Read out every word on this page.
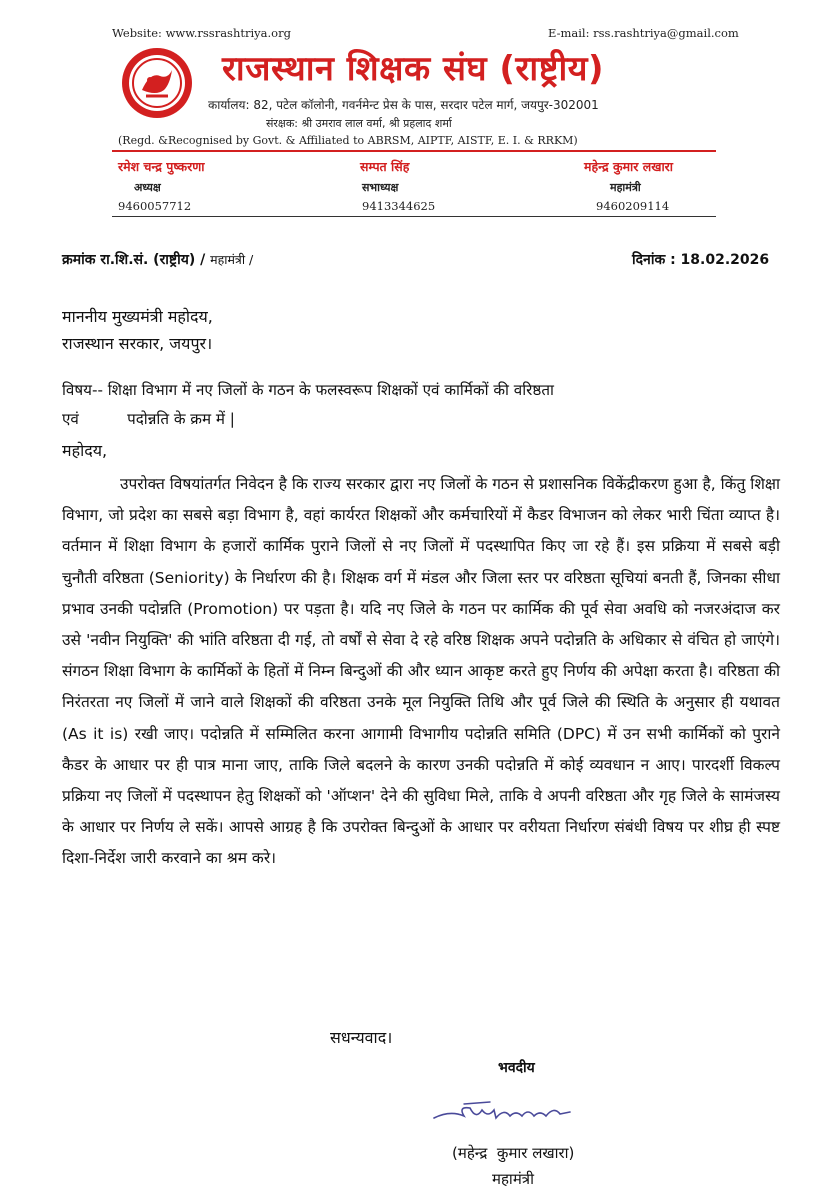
Website: www.rssrashtriya.org	E-mail: rss.rashtriya@gmail.com
राजस्थान शिक्षक संघ (राष्ट्रीय)
कार्यालय: 82, पटेल कॉलोनी, गवर्नमेन्ट प्रेस के पास, सरदार पटेल मार्ग, जयपुर-302001
संरक्षक: श्री उमराव लाल वर्मा, श्री प्रहलाद शर्मा
(Regd. &Recognised by Govt. & Affiliated to ABRSM, AIPTF, AISTF, E. I. & RRKM)
रमेश चन्द्र पुष्करणा
अध्यक्ष
9460057712
सम्पत सिंह
सभाध्यक्ष
9413344625
महेन्द्र कुमार लखारा
महामंत्री
9460209114
क्रमांक रा.शि.सं. (राष्ट्रीय) / महामंत्री /	दिनांक : 18.02.2026
माननीय मुख्यमंत्री महोदय,
राजस्थान सरकार, जयपुर।
विषय-- शिक्षा विभाग में नए जिलों के गठन के फलस्वरूप शिक्षकों एवं कार्मिकों की वरिष्ठता
एवं          पदोन्नति के क्रम में |
महोदय,

उपरोक्त विषयांतर्गत निवेदन है कि राज्य सरकार द्वारा नए जिलों के गठन से प्रशासनिक विकेंद्रीकरण हुआ है, किंतु शिक्षा विभाग, जो प्रदेश का सबसे बड़ा विभाग है, वहां कार्यरत शिक्षकों और कर्मचारियों में कैडर विभाजन को लेकर भारी चिंता व्याप्त है। वर्तमान में शिक्षा विभाग के हजारों कार्मिक पुराने जिलों से नए जिलों में पदस्थापित किए जा रहे हैं। इस प्रक्रिया में सबसे बड़ी चुनौती वरिष्ठता (Seniority) के निर्धारण की है। शिक्षक वर्ग में मंडल और जिला स्तर पर वरिष्ठता सूचियां बनती हैं, जिनका सीधा प्रभाव उनकी पदोन्नति (Promotion) पर पड़ता है। यदि नए जिले के गठन पर कार्मिक की पूर्व सेवा अवधि को नजरअंदाज कर उसे 'नवीन नियुक्ति' की भांति वरिष्ठता दी गई, तो वर्षों से सेवा दे रहे वरिष्ठ शिक्षक अपने पदोन्नति के अधिकार से वंचित हो जाएंगे। संगठन शिक्षा विभाग के कार्मिकों के हितों में निम्न बिन्दुओं की और ध्यान आकृष्ट करते हुए निर्णय की अपेक्षा करता है। वरिष्ठता की निरंतरता नए जिलों में जाने वाले शिक्षकों की वरिष्ठता उनके मूल नियुक्ति तिथि और पूर्व जिले की स्थिति के अनुसार ही यथावत (As it is) रखी जाए। पदोन्नति में सम्मिलित करना आगामी विभागीय पदोन्नति समिति (DPC) में उन सभी कार्मिकों को पुराने कैडर के आधार पर ही पात्र माना जाए, ताकि जिले बदलने के कारण उनकी पदोन्नति में कोई व्यवधान न आए। पारदर्शी विकल्प प्रक्रिया नए जिलों में पदस्थापन हेतु शिक्षकों को 'ऑप्शन' देने की सुविधा मिले, ताकि वे अपनी वरिष्ठता और गृह जिले के सामंजस्य के आधार पर निर्णय ले सकें। आपसे आग्रह है कि उपरोक्त बिन्दुओं के आधार पर वरीयता निर्धारण संबंधी विषय पर शीघ्र ही स्पष्ट दिशा-निर्देश जारी करवाने का श्रम करे।

सधन्यवाद।
भवदीय
(महेन्द्र  कुमार लखारा)
महामंत्री
